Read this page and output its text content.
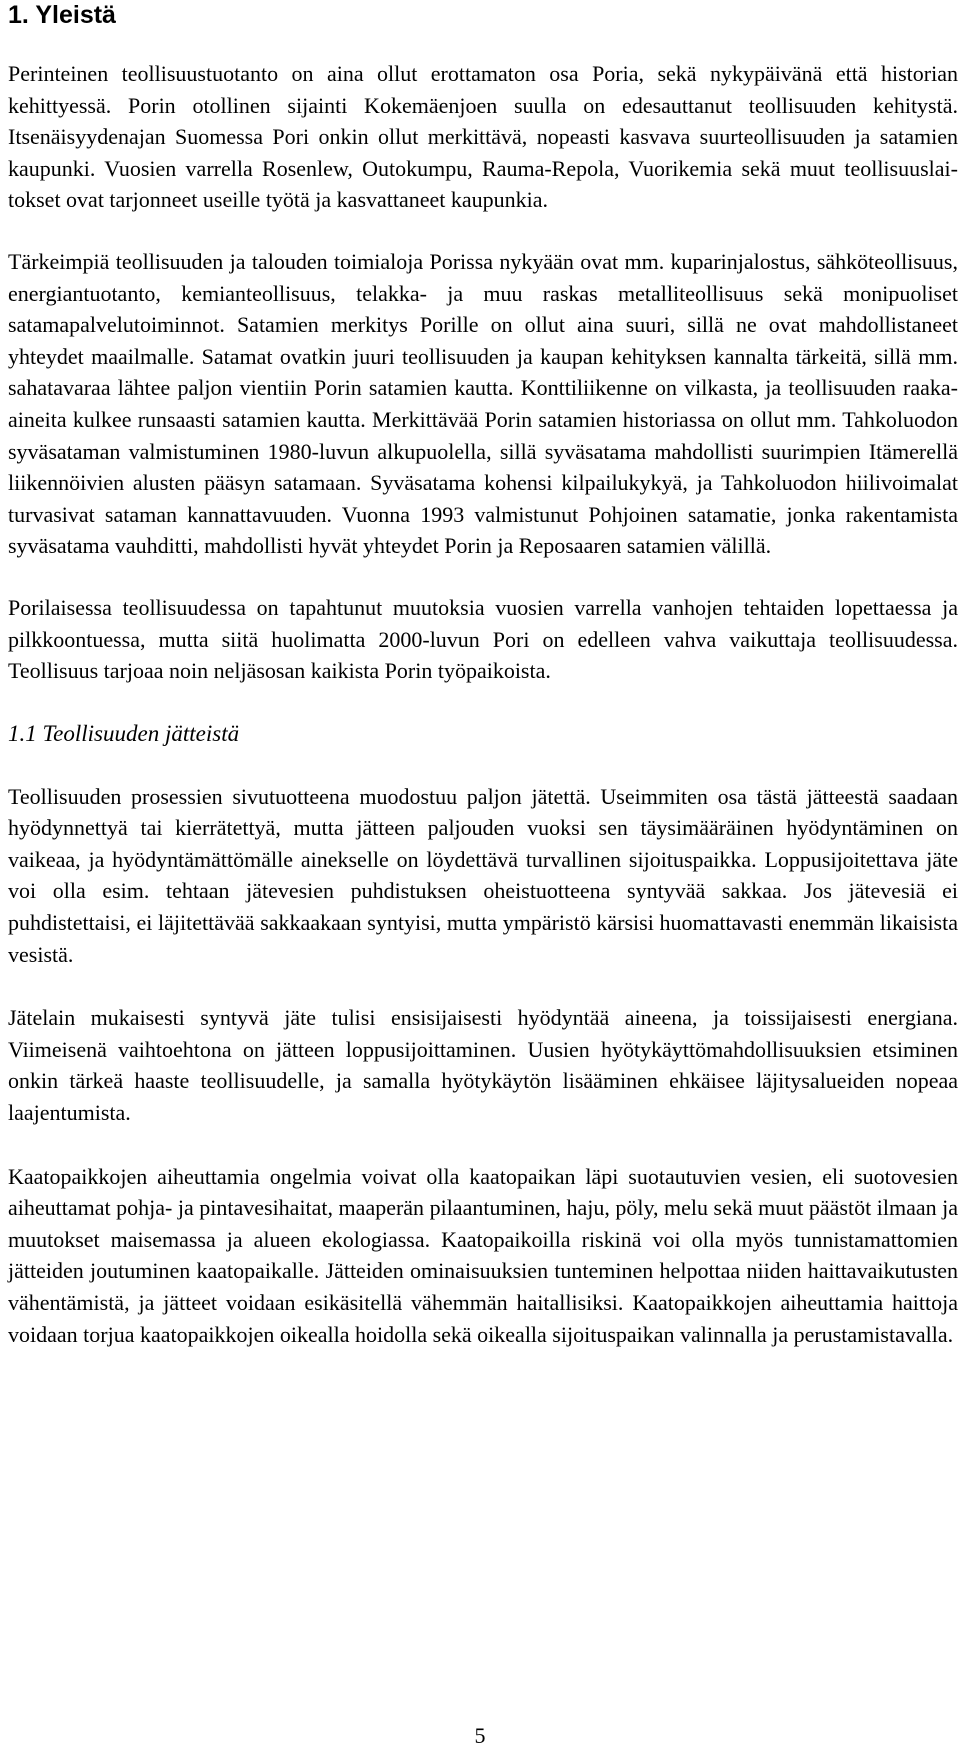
1. Yleistä

Perinteinen teollisuustuotanto on aina ollut erottamaton osa Poria, sekä nykypäivänä että historian kehittyessä. Porin otollinen sijainti Kokemäenjoen suulla on edesauttanut teollisuuden kehitystä. Itsenäisyydenajan Suomessa Pori onkin ollut merkittävä, nopeasti kasvava suurteollisuuden ja satamien kaupunki. Vuosien varrella Rosenlew, Outokumpu, Rauma-Repola, Vuorikemia sekä muut teollisuuslaitokset ovat tarjonneet useille työtä ja kasvattaneet kaupunkia.

Tärkeimpiä teollisuuden ja talouden toimialoja Porissa nykyään ovat mm. kuparinjalostus, sähköteollisuus, energiantuotanto, kemianteollisuus, telakka- ja muu raskas metalliteollisuus sekä monipuoliset satamapalvelutoiminnot. Satamien merkitys Porille on ollut aina suuri, sillä ne ovat mahdollistaneet yhteydet maailmalle. Satamat ovatkin juuri teollisuuden ja kaupan kehityksen kannalta tärkeitä, sillä mm. sahatavaraa lähtee paljon vientiin Porin satamien kautta. Konttiliikenne on vilkasta, ja teollisuuden raaka-aineita kulkee runsaasti satamien kautta. Merkittävää Porin satamien historiassa on ollut mm. Tahkoluodon syväsataman valmistuminen 1980-luvun alkupuolella, sillä syväsatama mahdollisti suurimpien Itämerellä liikennöivien alusten pääsyn satamaan. Syväsatama kohensi kilpailukykyä, ja Tahkoluodon hiilivoimalat turvasivat sataman kannattavuuden. Vuonna 1993 valmistunut Pohjoinen satamatie, jonka rakentamista syväsatama vauhditti, mahdollisti hyvät yhteydet Porin ja Reposaaren satamien välillä.

Porilaisessa teollisuudessa on tapahtunut muutoksia vuosien varrella vanhojen tehtaiden lopettaessa ja pilkkoontuessa, mutta siitä huolimatta 2000-luvun Pori on edelleen vahva vaikuttaja teollisuudessa. Teollisuus tarjoaa noin neljäsosan kaikista Porin työpaikoista.

1.1 Teollisuuden jätteistä

Teollisuuden prosessien sivutuotteena muodostuu paljon jätettä. Useimmiten osa tästä jätteestä saadaan hyödynnettyä tai kierrätettyä, mutta jätteen paljouden vuoksi sen täysimääräinen hyödyntäminen on vaikeaa, ja hyödyntämättömälle ainekselle on löydettävä turvallinen sijoituspaikka. Loppusijoitettava jäte voi olla esim. tehtaan jätevesien puhdistuksen oheistuotteena syntyvää sakkaa. Jos jätevesiä ei puhdistettaisi, ei läjitettävää sakkaakaan syntyisi, mutta ympäristö kärsisi huomattavasti enemmän likaisista vesistä.

Jätelain mukaisesti syntyvä jäte tulisi ensisijaisesti hyödyntää aineena, ja toissijaisesti energiana. Viimeisenä vaihtoehtona on jätteen loppusijoittaminen. Uusien hyötykäyttömahdollisuuksien etsiminen onkin tärkeä haaste teollisuudelle, ja samalla hyötykäytön lisääminen ehkäisee läjitysalueiden nopeaa laajentumista.

Kaatopaikkojen aiheuttamia ongelmia voivat olla kaatopaikan läpi suotautuvien vesien, eli suotovesien aiheuttamat pohja- ja pintavesihaitat, maaperän pilaantuminen, haju, pöly, melu sekä muut päästöt ilmaan ja muutokset maisemassa ja alueen ekologiassa. Kaatopaikoilla riskinä voi olla myös tunnistamattomien jätteiden joutuminen kaatopaikalle. Jätteiden ominaisuuksien tunteminen helpottaa niiden haittavaikutusten vähentämistä, ja jätteet voidaan esikäsitellä vähemmän haitallisiksi. Kaatopaikkojen aiheuttamia haittoja voidaan torjua kaatopaikkojen oikealla hoidolla sekä oikealla sijoituspaikan valinnalla ja perustamistavalla.

5
